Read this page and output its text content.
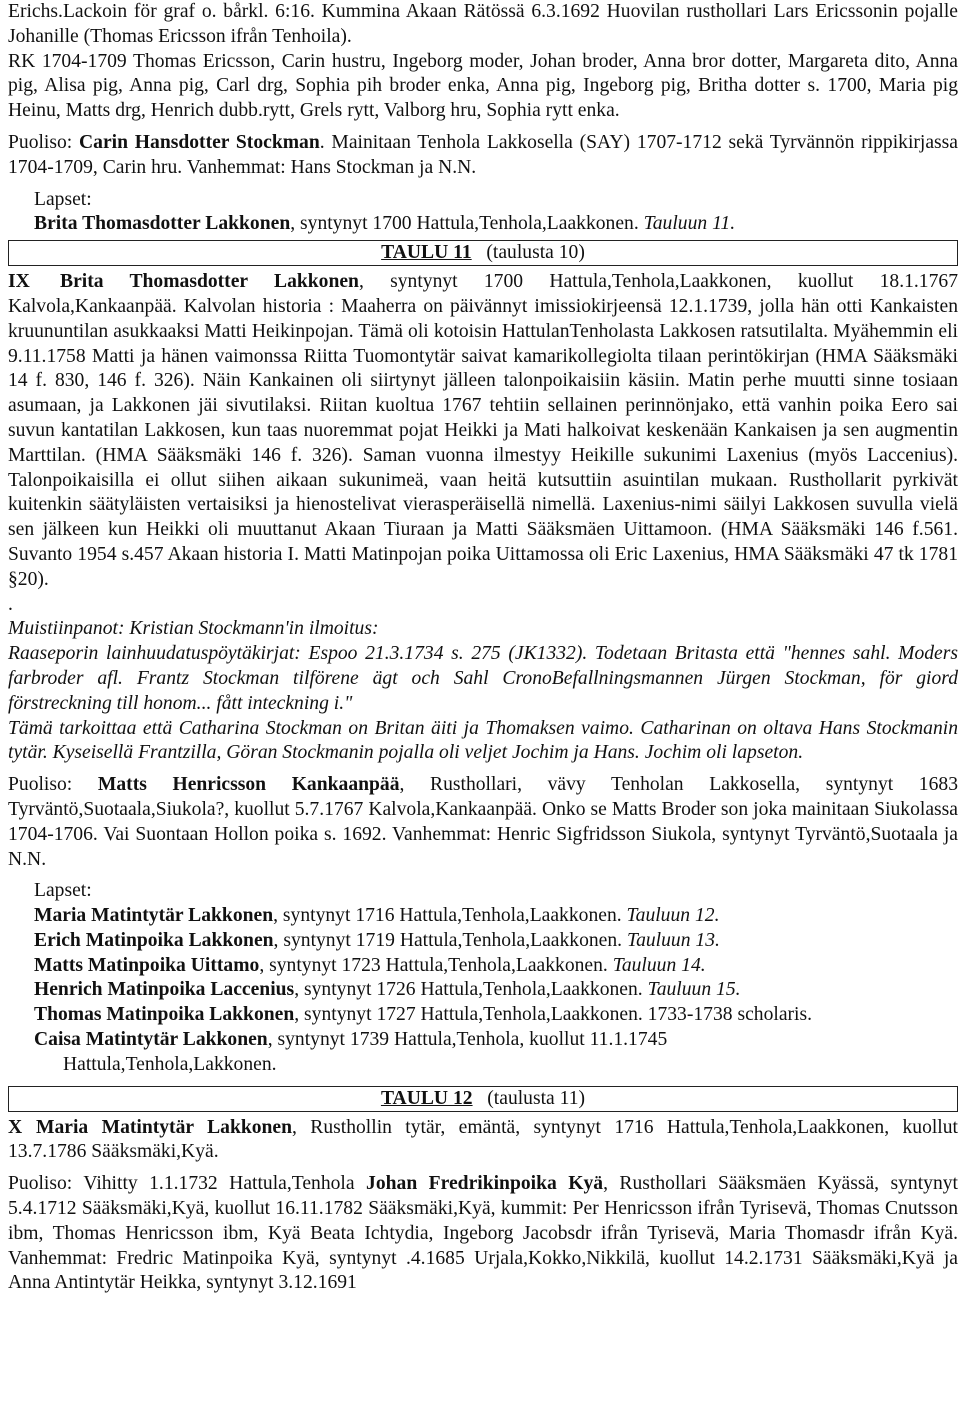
Erichs.Lackoin för graf o. bårkl. 6:16. Kummina Akaan Rätössä 6.3.1692 Huovilan rusthollari Lars Ericssonin pojalle Johanille (Thomas Ericsson ifrån Tenhoila).

RK 1704-1709 Thomas Ericsson, Carin hustru, Ingeborg moder, Johan broder, Anna bror dotter, Margareta dito, Anna pig, Alisa pig, Anna pig, Carl drg, Sophia pih broder enka, Anna pig, Ingeborg pig, Britha dotter s. 1700, Maria pig Heinu, Matts drg, Henrich dubb.rytt, Grels rytt, Valborg hru, Sophia rytt enka.

Puoliso: Carin Hansdotter Stockman. Mainitaan Tenhola Lakkosella (SAY) 1707-1712 sekä Tyrvännön rippikirjassa 1704-1709, Carin hru. Vanhemmat: Hans Stockman ja N.N.

Lapset:

Brita Thomasdotter Lakkonen, syntynyt 1700 Hattula,Tenhola,Laakkonen. Tauluun 11.

TAULU 11 (taulusta 10)

IX Brita Thomasdotter Lakkonen, syntynyt 1700 Hattula,Tenhola,Laakkonen, kuollut 18.1.1767 Kalvola,Kankaanpää. Kalvolan historia : Maaherra on päivännyt imissiokirjeensä 12.1.1739, jolla hän otti Kankaisten kruununtilan asukkaaksi Matti Heikinpojan. Tämä oli kotoisin HattulanTenholasta Lakkosen ratsutilalta. Myähemmin eli 9.11.1758 Matti ja hänen vaimonssa Riitta Tuomontytär saivat kamarikollegiolta tilaan perintökirjan (HMA Sääksmäki 14 f. 830, 146 f. 326). Näin Kankainen oli siirtynyt jälleen talonpoikaisiin käsiin. Matin perhe muutti sinne tosiaan asumaan, ja Lakkonen jäi sivutilaksi. Riitan kuoltua 1767 tehtiin sellainen perinnönjako, että vanhin poika Eero sai suvun kantatilan Lakkosen, kun taas nuoremmat pojat Heikki ja Mati halkoivat keskenään Kankaisen ja sen augmentin Marttilan. (HMA Sääksmäki 146 f. 326). Saman vuonna ilmestyy Heikille sukunimi Laxenius (myös Laccenius). Talonpoikaisilla ei ollut siihen aikaan sukunimeä, vaan heitä kutsuttiin asuintilan mukaan. Rusthollarit pyrkivät kuitenkin säätyläisten vertaisiksi ja hienostelivat vierasperäisellä nimellä. Laxenius-nimi säilyi Lakkosen suvulla vielä sen jälkeen kun Heikki oli muuttanut Akaan Tiuraan ja Matti Sääksmäen Uittamoon. (HMA Sääksmäki 146 f.561. Suvanto 1954 s.457 Akaan historia I. Matti Matinpojan poika Uittamossa oli Eric Laxenius, HMA Sääksmäki 47 tk 1781 §20).

.

Muistiinpanot: Kristian Stockmann'in ilmoitus:

Raaseporin lainhuudatuspöytäkirjat: Espoo 21.3.1734 s. 275 (JK1332). Todetaan Britasta että "hennes sahl. Moders farbroder afl. Frantz Stockman tilförene ägt och Sahl CronoBefallningsmannen Jürgen Stockman, för giord förstreckning till honom... fått inteckning i."

Tämä tarkoittaa että Catharina Stockman on Britan äiti ja Thomaksen vaimo. Catharinan on oltava Hans Stockmanin tytär. Kyseisellä Frantzilla, Göran Stockmanin pojalla oli veljet Jochim ja Hans. Jochim oli lapseton.

Puoliso: Matts Henricsson Kankaanpää, Rusthollari, vävy Tenholan Lakkosella, syntynyt 1683 Tyrväntö,Suotaala,Siukola?, kuollut 5.7.1767 Kalvola,Kankaanpää. Onko se Matts Broder son joka mainitaan Siukolassa 1704-1706. Vai Suontaan Hollon poika s. 1692. Vanhemmat: Henric Sigfridsson Siukola, syntynyt Tyrväntö,Suotaala ja N.N.

Lapset:

Maria Matintytär Lakkonen, syntynyt 1716 Hattula,Tenhola,Laakkonen. Tauluun 12.

Erich Matinpoika Lakkonen, syntynyt 1719 Hattula,Tenhola,Laakkonen. Tauluun 13.

Matts Matinpoika Uittamo, syntynyt 1723 Hattula,Tenhola,Laakkonen. Tauluun 14.

Henrich Matinpoika Laccenius, syntynyt 1726 Hattula,Tenhola,Laakkonen. Tauluun 15.

Thomas Matinpoika Lakkonen, syntynyt 1727 Hattula,Tenhola,Laakkonen. 1733-1738 scholaris.

Caisa Matintytär Lakkonen, syntynyt 1739 Hattula,Tenhola, kuollut 11.1.1745

Hattula,Tenhola,Lakkonen.

TAULU 12 (taulusta 11)

X Maria Matintytär Lakkonen, Rusthollin tytär, emäntä, syntynyt 1716 Hattula,Tenhola,Laakkonen, kuollut 13.7.1786 Sääksmäki,Kyä.

Puoliso: Vihitty 1.1.1732 Hattula,Tenhola Johan Fredrikinpoika Kyä, Rusthollari Sääksmäen Kyässä, syntynyt 5.4.1712 Sääksmäki,Kyä, kuollut 16.11.1782 Sääksmäki,Kyä, kummit: Per Henricsson ifrån Tyrisevä, Thomas Cnutsson ibm, Thomas Henricsson ibm, Kyä Beata Ichtydia, Ingeborg Jacobsdr ifrån Tyrisevä, Maria Thomasdr ifrån Kyä. Vanhemmat: Fredric Matinpoika Kyä, syntynyt .4.1685 Urjala,Kokko,Nikkilä, kuollut 14.2.1731 Sääksmäki,Kyä ja Anna Antintytär Heikka, syntynyt 3.12.1691
